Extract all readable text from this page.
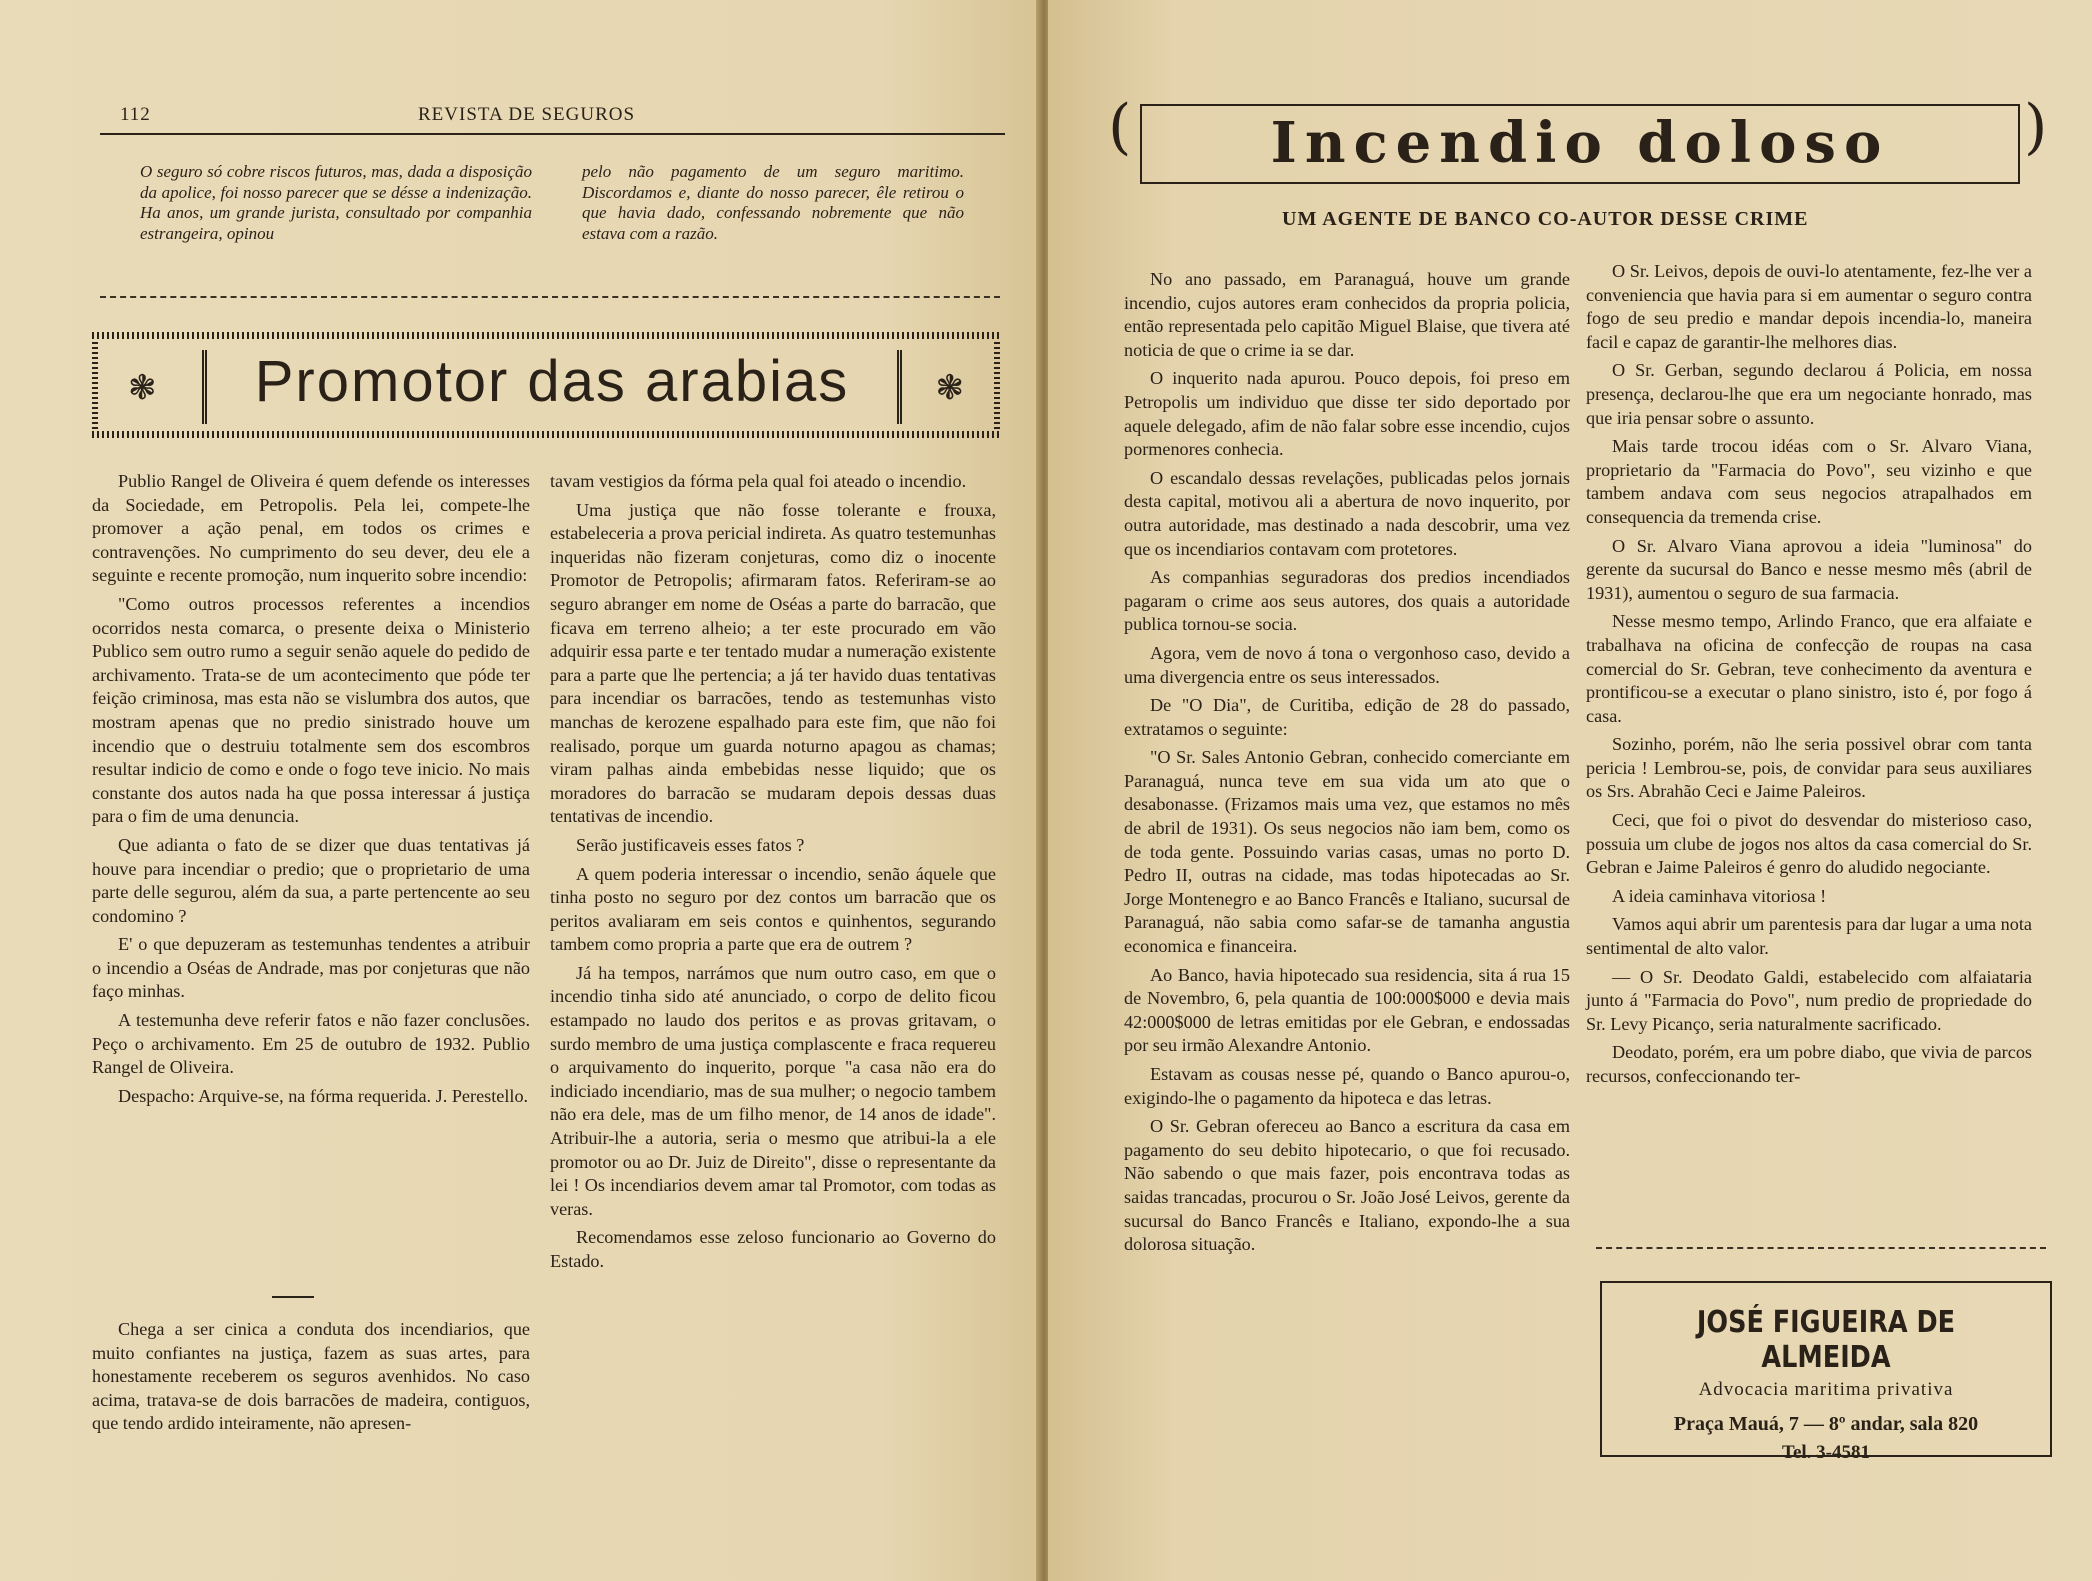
112	REVISTA DE SEGUROS

O seguro só cobre riscos futuros, mas, dada a disposição da apolice, foi nosso parecer que se désse a indenização. Ha anos, um grande jurista, consultado por companhia estrangeira, opinou

pelo não pagamento de um seguro maritimo. Discordamos e, diante do nosso parecer, êle retirou o que havia dado, confessando nobremente que não estava com a razão.

❃	❃
Promotor das arabias

Publio Rangel de Oliveira é quem defende os interesses da Sociedade, em Petropolis. Pela lei, compete-lhe promover a ação penal, em todos os crimes e contravenções. No cumprimento do seu dever, deu ele a seguinte e recente promoção, num inquerito sobre incendio:

"Como outros processos referentes a incendios ocorridos nesta comarca, o presente deixa o Ministerio Publico sem outro rumo a seguir senão aquele do pedido de archivamento. Trata-se de um acontecimento que póde ter feição criminosa, mas esta não se vislumbra dos autos, que mostram apenas que no predio sinistrado houve um incendio que o destruiu totalmente sem dos escombros resultar indicio de como e onde o fogo teve inicio. No mais constante dos autos nada ha que possa interessar á justiça para o fim de uma denuncia.

Que adianta o fato de se dizer que duas tentativas já houve para incendiar o predio; que o proprietario de uma parte delle segurou, além da sua, a parte pertencente ao seu condomino ?

E' o que depuzeram as testemunhas tendentes a atribuir o incendio a Oséas de Andrade, mas por conjeturas que não faço minhas.

A testemunha deve referir fatos e não fazer conclusões. Peço o archivamento. Em 25 de outubro de 1932. Publio Rangel de Oliveira.

Despacho: Arquive-se, na fórma requerida. J. Perestello.

Chega a ser cinica a conduta dos incendiarios, que muito confiantes na justiça, fazem as suas artes, para honestamente receberem os seguros avenhidos. No caso acima, tratava-se de dois barracões de madeira, contiguos, que tendo ardido inteiramente, não apresen-

tavam vestigios da fórma pela qual foi ateado o incendio.

Uma justiça que não fosse tolerante e frouxa, estabeleceria a prova pericial indireta. As quatro testemunhas inqueridas não fizeram conjeturas, como diz o inocente Promotor de Petropolis; afirmaram fatos. Referiram-se ao seguro abranger em nome de Oséas a parte do barracão, que ficava em terreno alheio; a ter este procurado em vão adquirir essa parte e ter tentado mudar a numeração existente para a parte que lhe pertencia; a já ter havido duas tentativas para incendiar os barracões, tendo as testemunhas visto manchas de kerozene espalhado para este fim, que não foi realisado, porque um guarda noturno apagou as chamas; viram palhas ainda embebidas nesse liquido; que os moradores do barracão se mudaram depois dessas duas tentativas de incendio.

Serão justificaveis esses fatos ?

A quem poderia interessar o incendio, senão áquele que tinha posto no seguro por dez contos um barracão que os peritos avaliaram em seis contos e quinhentos, segurando tambem como propria a parte que era de outrem ?

Já ha tempos, narrámos que num outro caso, em que o incendio tinha sido até anunciado, o corpo de delito ficou estampado no laudo dos peritos e as provas gritavam, o surdo membro de uma justiça complascente e fraca requereu o arquivamento do inquerito, porque "a casa não era do indiciado incendiario, mas de sua mulher; o negocio tambem não era dele, mas de um filho menor, de 14 anos de idade". Atribuir-lhe a autoria, seria o mesmo que atribui-la a ele promotor ou ao Dr. Juiz de Direito", disse o representante da lei ! Os incendiarios devem amar tal Promotor, com todas as veras.

Recomendamos esse zeloso funcionario ao Governo do Estado.

(	)
Incendio doloso
UM AGENTE DE BANCO CO-AUTOR DESSE CRIME

No ano passado, em Paranaguá, houve um grande incendio, cujos autores eram conhecidos da propria policia, então representada pelo capitão Miguel Blaise, que tivera até noticia de que o crime ia se dar.

O inquerito nada apurou. Pouco depois, foi preso em Petropolis um individuo que disse ter sido deportado por aquele delegado, afim de não falar sobre esse incendio, cujos pormenores conhecia.

O escandalo dessas revelações, publicadas pelos jornais desta capital, motivou ali a abertura de novo inquerito, por outra autoridade, mas destinado a nada descobrir, uma vez que os incendiarios contavam com protetores.

As companhias seguradoras dos predios incendiados pagaram o crime aos seus autores, dos quais a autoridade publica tornou-se socia.

Agora, vem de novo á tona o vergonhoso caso, devido a uma divergencia entre os seus interessados.

De "O Dia", de Curitiba, edição de 28 do passado, extratamos o seguinte:

"O Sr. Sales Antonio Gebran, conhecido comerciante em Paranaguá, nunca teve em sua vida um ato que o desabonasse. (Frizamos mais uma vez, que estamos no mês de abril de 1931). Os seus negocios não iam bem, como os de toda gente. Possuindo varias casas, umas no porto D. Pedro II, outras na cidade, mas todas hipotecadas ao Sr. Jorge Montenegro e ao Banco Francês e Italiano, sucursal de Paranaguá, não sabia como safar-se de tamanha angustia economica e financeira.

Ao Banco, havia hipotecado sua residencia, sita á rua 15 de Novembro, 6, pela quantia de 100:000$000 e devia mais 42:000$000 de letras emitidas por ele Gebran, e endossadas por seu irmão Alexandre Antonio.

Estavam as cousas nesse pé, quando o Banco apurou-o, exigindo-lhe o pagamento da hipoteca e das letras.

O Sr. Gebran ofereceu ao Banco a escritura da casa em pagamento do seu debito hipotecario, o que foi recusado. Não sabendo o que mais fazer, pois encontrava todas as saidas trancadas, procurou o Sr. João José Leivos, gerente da sucursal do Banco Francês e Italiano, expondo-lhe a sua dolorosa situação.

O Sr. Leivos, depois de ouvi-lo atentamente, fez-lhe ver a conveniencia que havia para si em aumentar o seguro contra fogo de seu predio e mandar depois incendia-lo, maneira facil e capaz de garantir-lhe melhores dias.

O Sr. Gerban, segundo declarou á Policia, em nossa presença, declarou-lhe que era um negociante honrado, mas que iria pensar sobre o assunto.

Mais tarde trocou idéas com o Sr. Alvaro Viana, proprietario da "Farmacia do Povo", seu vizinho e que tambem andava com seus negocios atrapalhados em consequencia da tremenda crise.

O Sr. Alvaro Viana aprovou a ideia "luminosa" do gerente da sucursal do Banco e nesse mesmo mês (abril de 1931), aumentou o seguro de sua farmacia.

Nesse mesmo tempo, Arlindo Franco, que era alfaiate e trabalhava na oficina de confecção de roupas na casa comercial do Sr. Gebran, teve conhecimento da aventura e prontificou-se a executar o plano sinistro, isto é, por fogo á casa.

Sozinho, porém, não lhe seria possivel obrar com tanta pericia ! Lembrou-se, pois, de convidar para seus auxiliares os Srs. Abrahão Ceci e Jaime Paleiros.

Ceci, que foi o pivot do desvendar do misterioso caso, possuia um clube de jogos nos altos da casa comercial do Sr. Gebran e Jaime Paleiros é genro do aludido negociante.

A ideia caminhava vitoriosa !

Vamos aqui abrir um parentesis para dar lugar a uma nota sentimental de alto valor.

— O Sr. Deodato Galdi, estabelecido com alfaiataria junto á "Farmacia do Povo", num predio de propriedade do Sr. Levy Picanço, seria naturalmente sacrificado.

Deodato, porém, era um pobre diabo, que vivia de parcos recursos, confeccionando ter-

JOSÉ FIGUEIRA DE ALMEIDA
Advocacia maritima privativa
Praça Mauá, 7 — 8º andar, sala 820
Tel. 3-4581
